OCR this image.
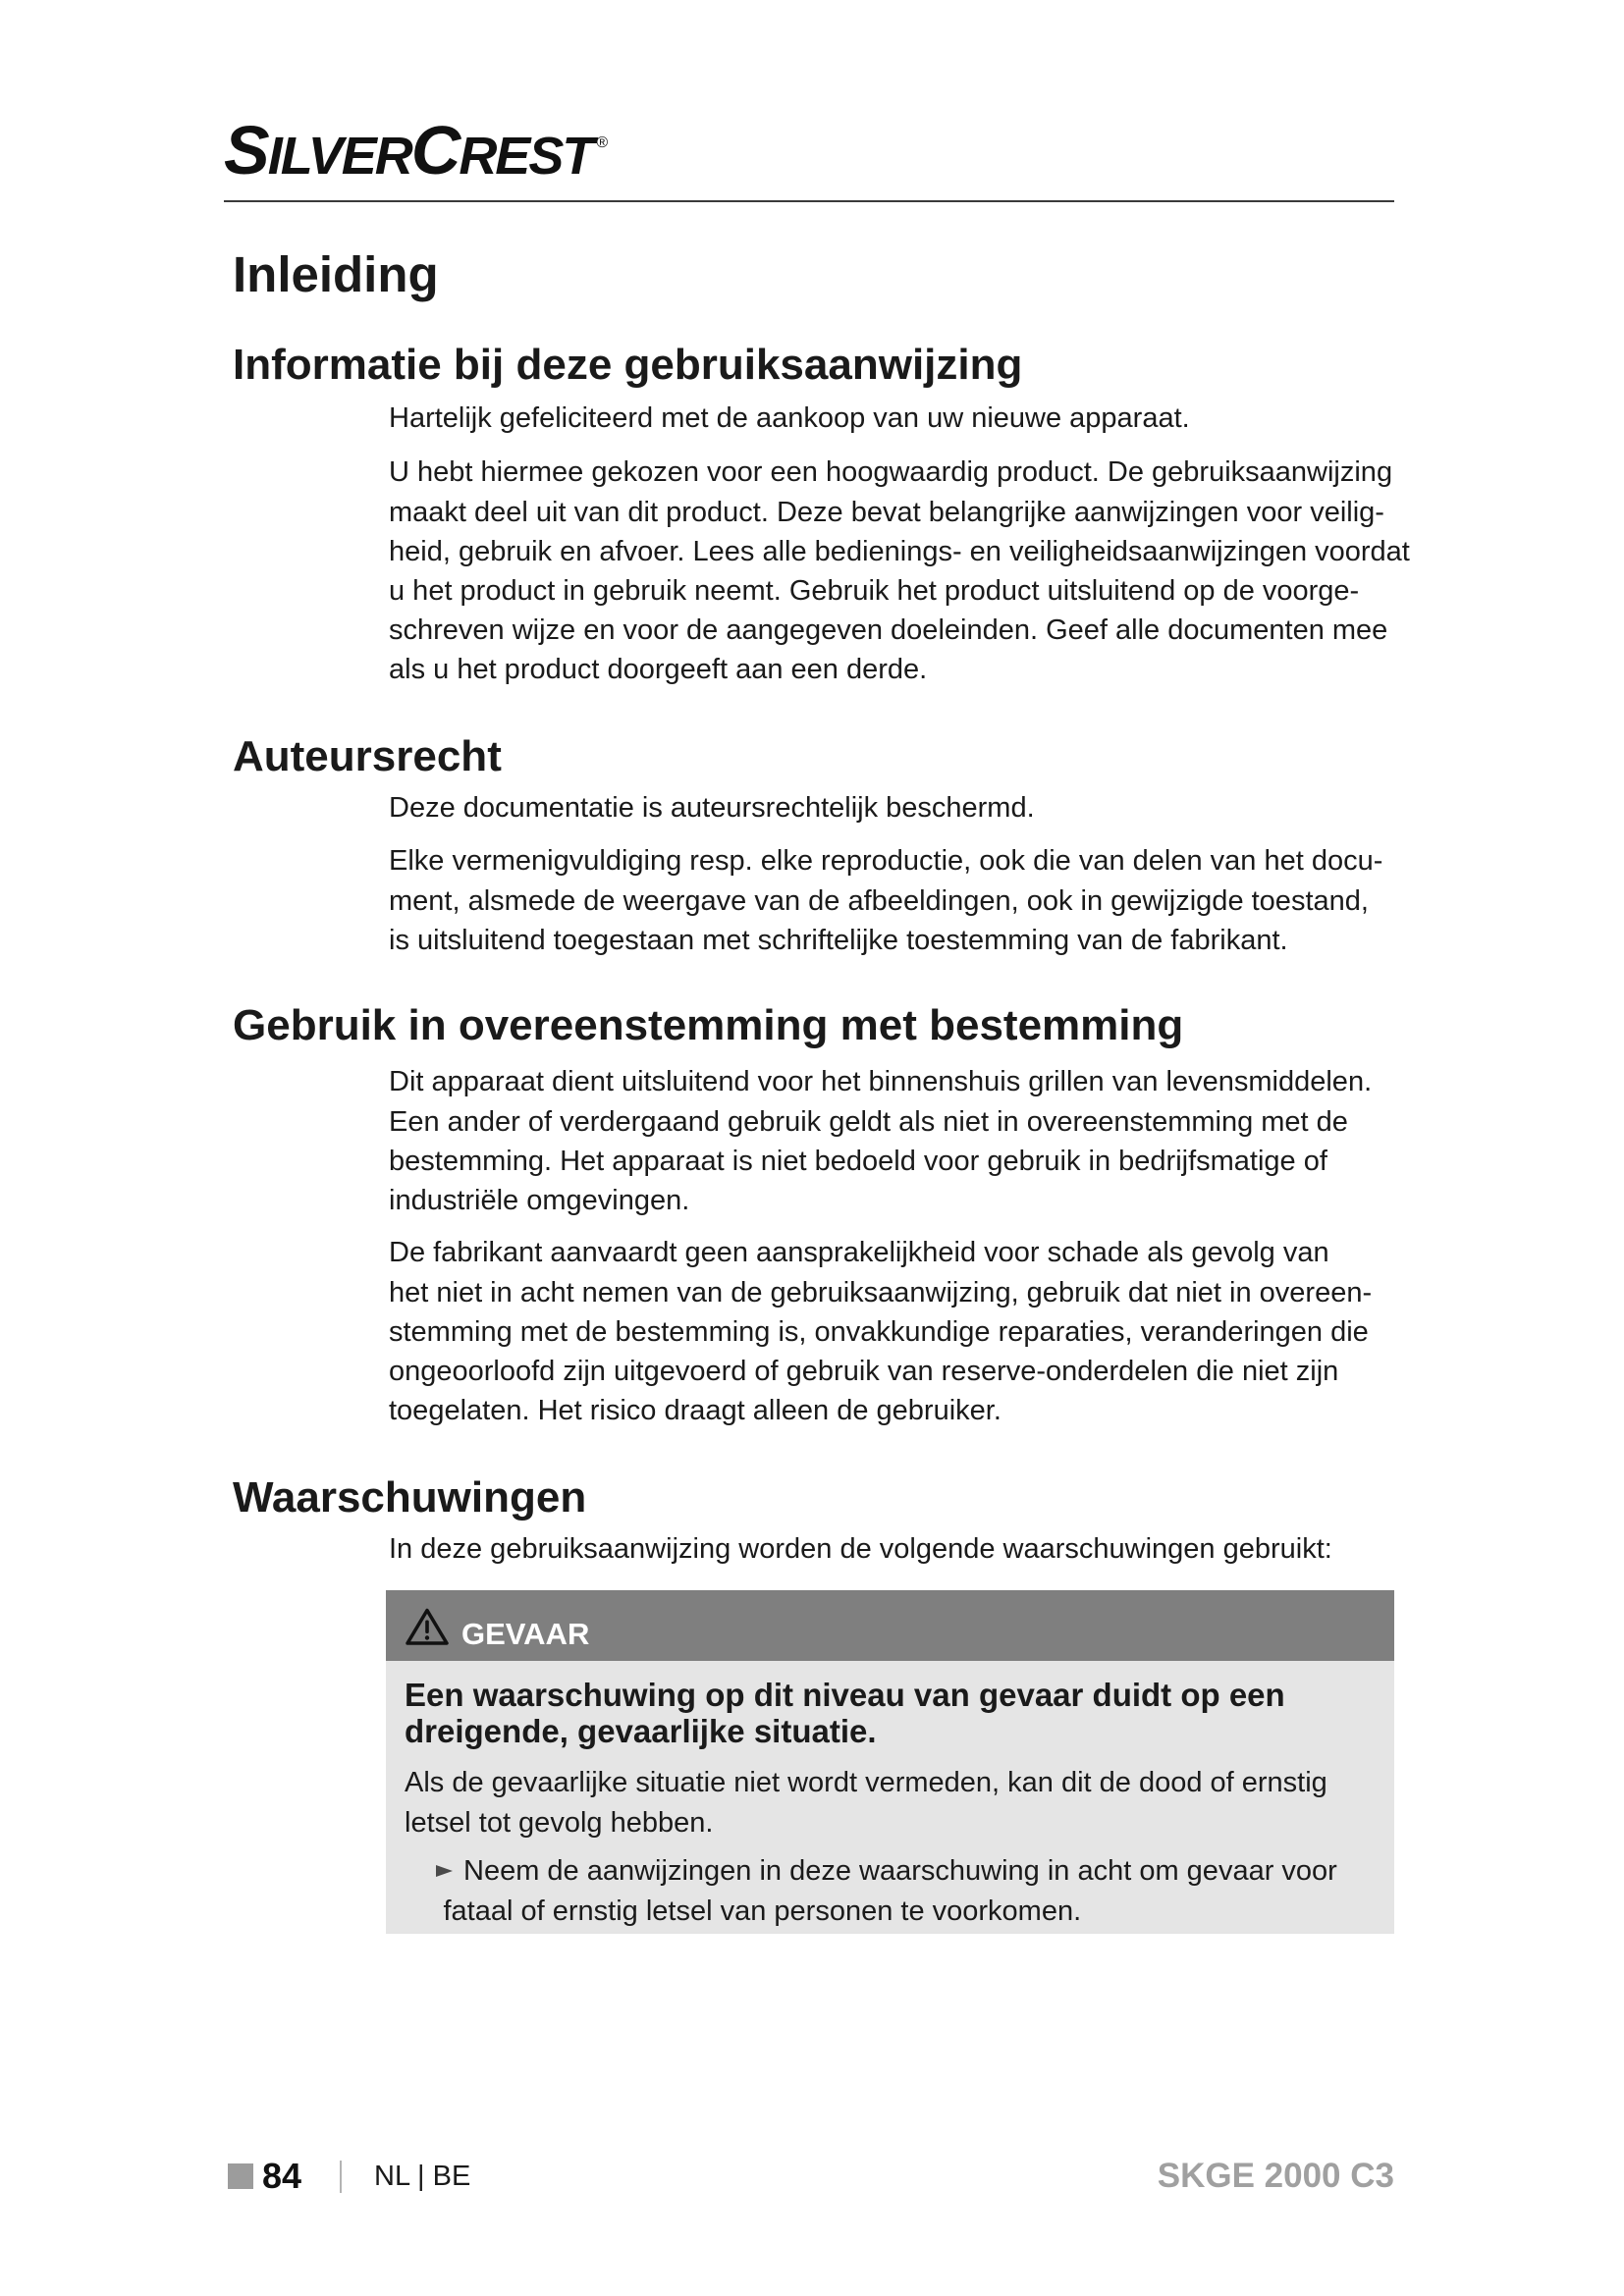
SILVERCREST ®
Inleiding
Informatie bij deze gebruiksaanwijzing
Hartelijk gefeliciteerd met de aankoop van uw nieuwe apparaat.
U hebt hiermee gekozen voor een hoogwaardig product. De gebruiksaanwijzing
maakt deel uit van dit product. Deze bevat belangrijke aanwijzingen voor veilig-
heid, gebruik en afvoer. Lees alle bedienings- en veiligheidsaanwijzingen voordat
u het product in gebruik neemt. Gebruik het product uitsluitend op de voorge-
schreven wijze en voor de aangegeven doeleinden. Geef alle documenten mee
als u het product doorgeeft aan een derde.
Auteursrecht
Deze documentatie is auteursrechtelijk beschermd.
Elke vermenigvuldiging resp. elke reproductie, ook die van delen van het docu-
ment, alsmede de weergave van de afbeeldingen, ook in gewijzigde toestand,
is uitsluitend toegestaan met schriftelijke toestemming van de fabrikant.
Gebruik in overeenstemming met bestemming
Dit apparaat dient uitsluitend voor het binnenshuis grillen van levensmiddelen.
Een ander of verdergaand gebruik geldt als niet in overeenstemming met de
bestemming. Het apparaat is niet bedoeld voor gebruik in bedrijfsmatige of
industriële omgevingen.
De fabrikant aanvaardt geen aansprakelijkheid voor schade als gevolg van
het niet in acht nemen van de gebruiksaanwijzing, gebruik dat niet in overeen-
stemming met de bestemming is, onvakkundige reparaties, veranderingen die
ongeoorloofd zijn uitgevoerd of gebruik van reserve-onderdelen die niet zijn
toegelaten. Het risico draagt alleen de gebruiker.
Waarschuwingen
In deze gebruiksaanwijzing worden de volgende waarschuwingen gebruikt:
GEVAAR
Een waarschuwing op dit niveau van gevaar duidt op een
dreigende, gevaarlijke situatie.
Als de gevaarlijke situatie niet wordt vermeden, kan dit de dood of ernstig
letsel tot gevolg hebben.
Neem de aanwijzingen in deze waarschuwing in acht om gevaar voor
fataal of ernstig letsel van personen te voorkomen.
84	NL | BE	SKGE 2000 C3
